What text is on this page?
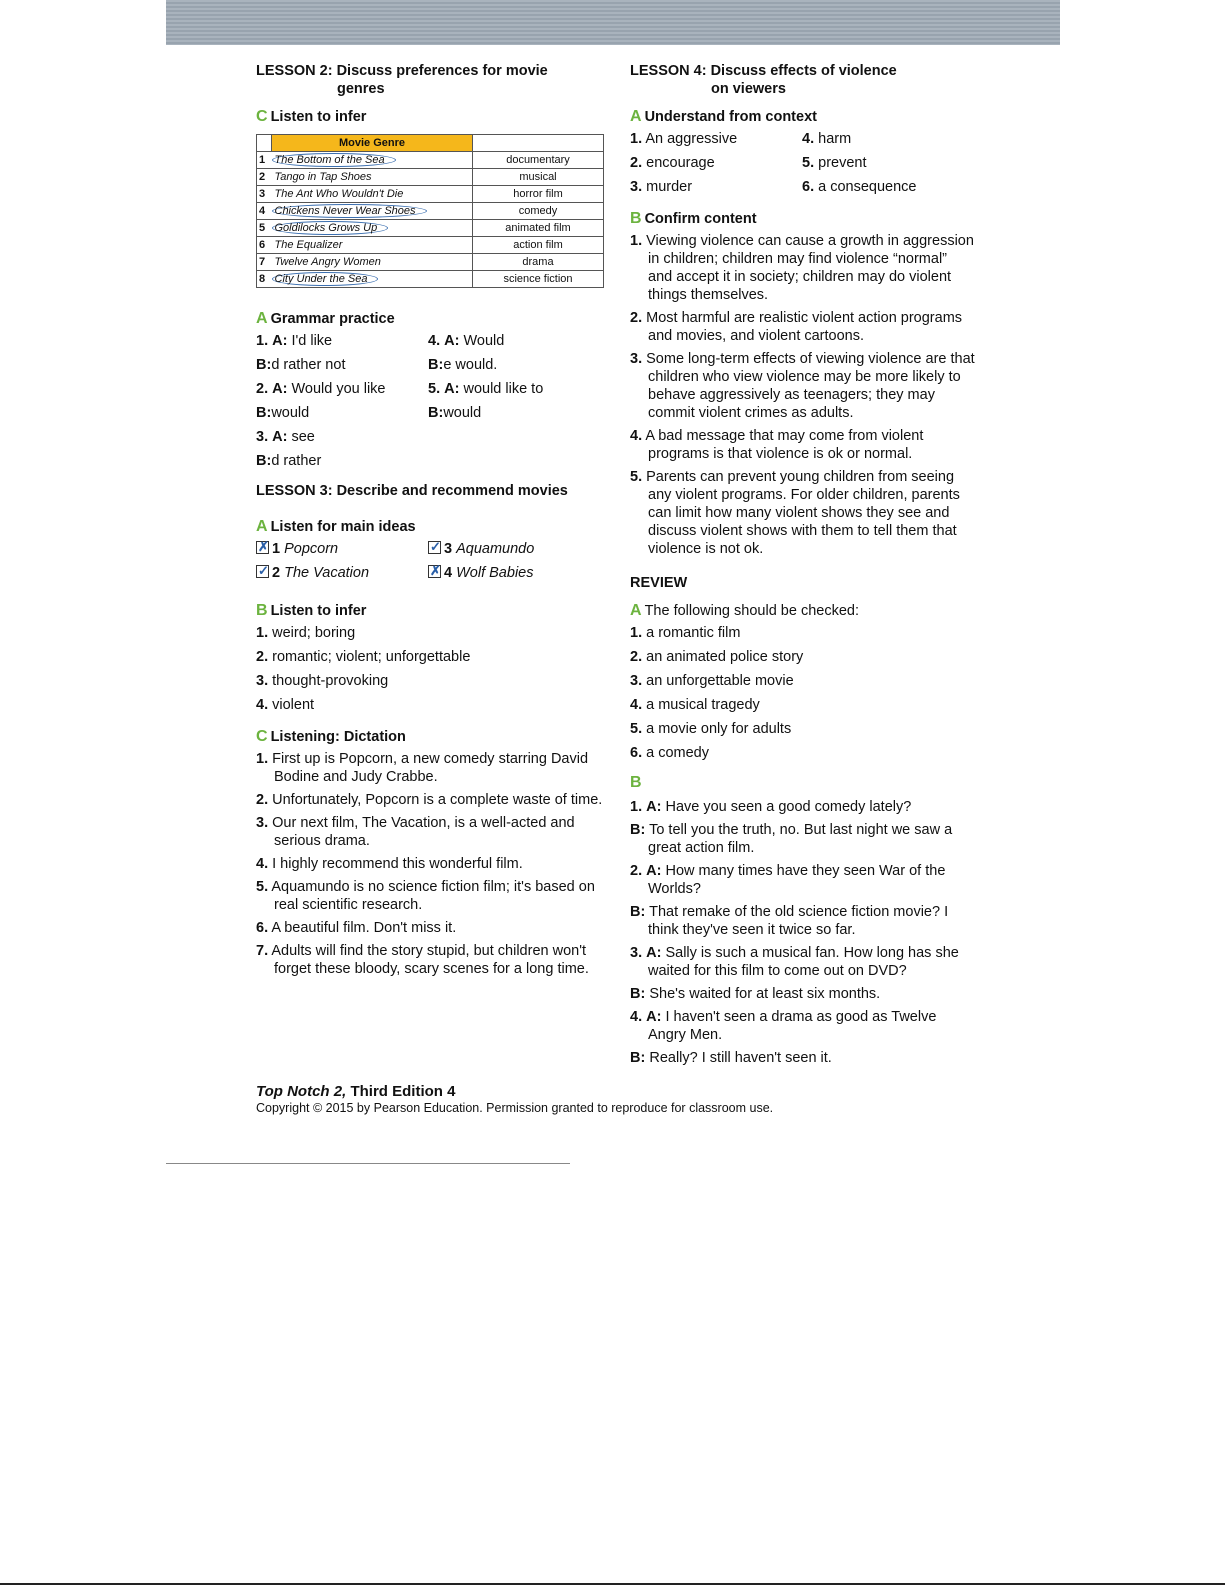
LESSON 2: Discuss preferences for movie
genres

C Listen to infer

	Movie Genre	
1	The Bottom of the Sea	documentary
2	Tango in Tap Shoes	musical
3	The Ant Who Wouldn't Die	horror film
4	Chickens Never Wear Shoes	comedy
5	Goldilocks Grows Up	animated film
6	The Equalizer	action film
7	Twelve Angry Women	drama
8	City Under the Sea	science fiction

A Grammar practice

1. A: I'd like

B:d rather not

2. A: Would you like

B:would

3. A: see

B:d rather

4. A: Would

B:e would.

5. A: would like to

B:would

LESSON 3: Describe and recommend movies

A Listen for main ideas

✗ 1 Popcorn	✓ 3 Aquamundo
✓ 2 The Vacation	✗ 4 Wolf Babies

B Listen to infer

1. weird; boring

2. romantic; violent; unforgettable

3. thought-provoking

4. violent

C Listening: Dictation

1. First up is Popcorn, a new comedy starring David Bodine and Judy Crabbe.

2. Unfortunately, Popcorn is a complete waste of time.

3. Our next film, The Vacation, is a well-acted and serious drama.

4. I highly recommend this wonderful film.

5. Aquamundo is no science fiction film; it's based on real scientific research.

6. A beautiful film. Don't miss it.

7. Adults will find the story stupid, but children won't forget these bloody, scary scenes for a long time.

LESSON 4: Discuss effects of violence
on viewers

A Understand from context

1. An aggressive

2. encourage

3. murder

4. harm

5. prevent

6. a consequence

B Confirm content

1. Viewing violence can cause a growth in aggression in children; children may find violence “normal” and accept it in society; children may do violent things themselves.

2. Most harmful are realistic violent action programs and movies, and violent cartoons.

3. Some long-term effects of viewing violence are that children who view violence may be more likely to behave aggressively as teenagers; they may commit violent crimes as adults.

4. A bad message that may come from violent programs is that violence is ok or normal.

5. Parents can prevent young children from seeing any violent programs. For older children, parents can limit how many violent shows they see and discuss violent shows with them to tell them that violence is not ok.

REVIEW

A The following should be checked:

1. a romantic film

2. an animated police story

3. an unforgettable movie

4. a musical tragedy

5. a movie only for adults

6. a comedy

B

1. A: Have you seen a good comedy lately?

B: To tell you the truth, no. But last night we saw a great action film.

2. A: How many times have they seen War of the Worlds?

B: That remake of the old science fiction movie? I think they've seen it twice so far.

3. A: Sally is such a musical fan. How long has she waited for this film to come out on DVD?

B: She's waited for at least six months.

4. A: I haven't seen a drama as good as Twelve Angry Men.

B: Really? I still haven't seen it.

Top Notch 2, Third Edition 4
Copyright © 2015 by Pearson Education. Permission granted to reproduce for classroom use.
